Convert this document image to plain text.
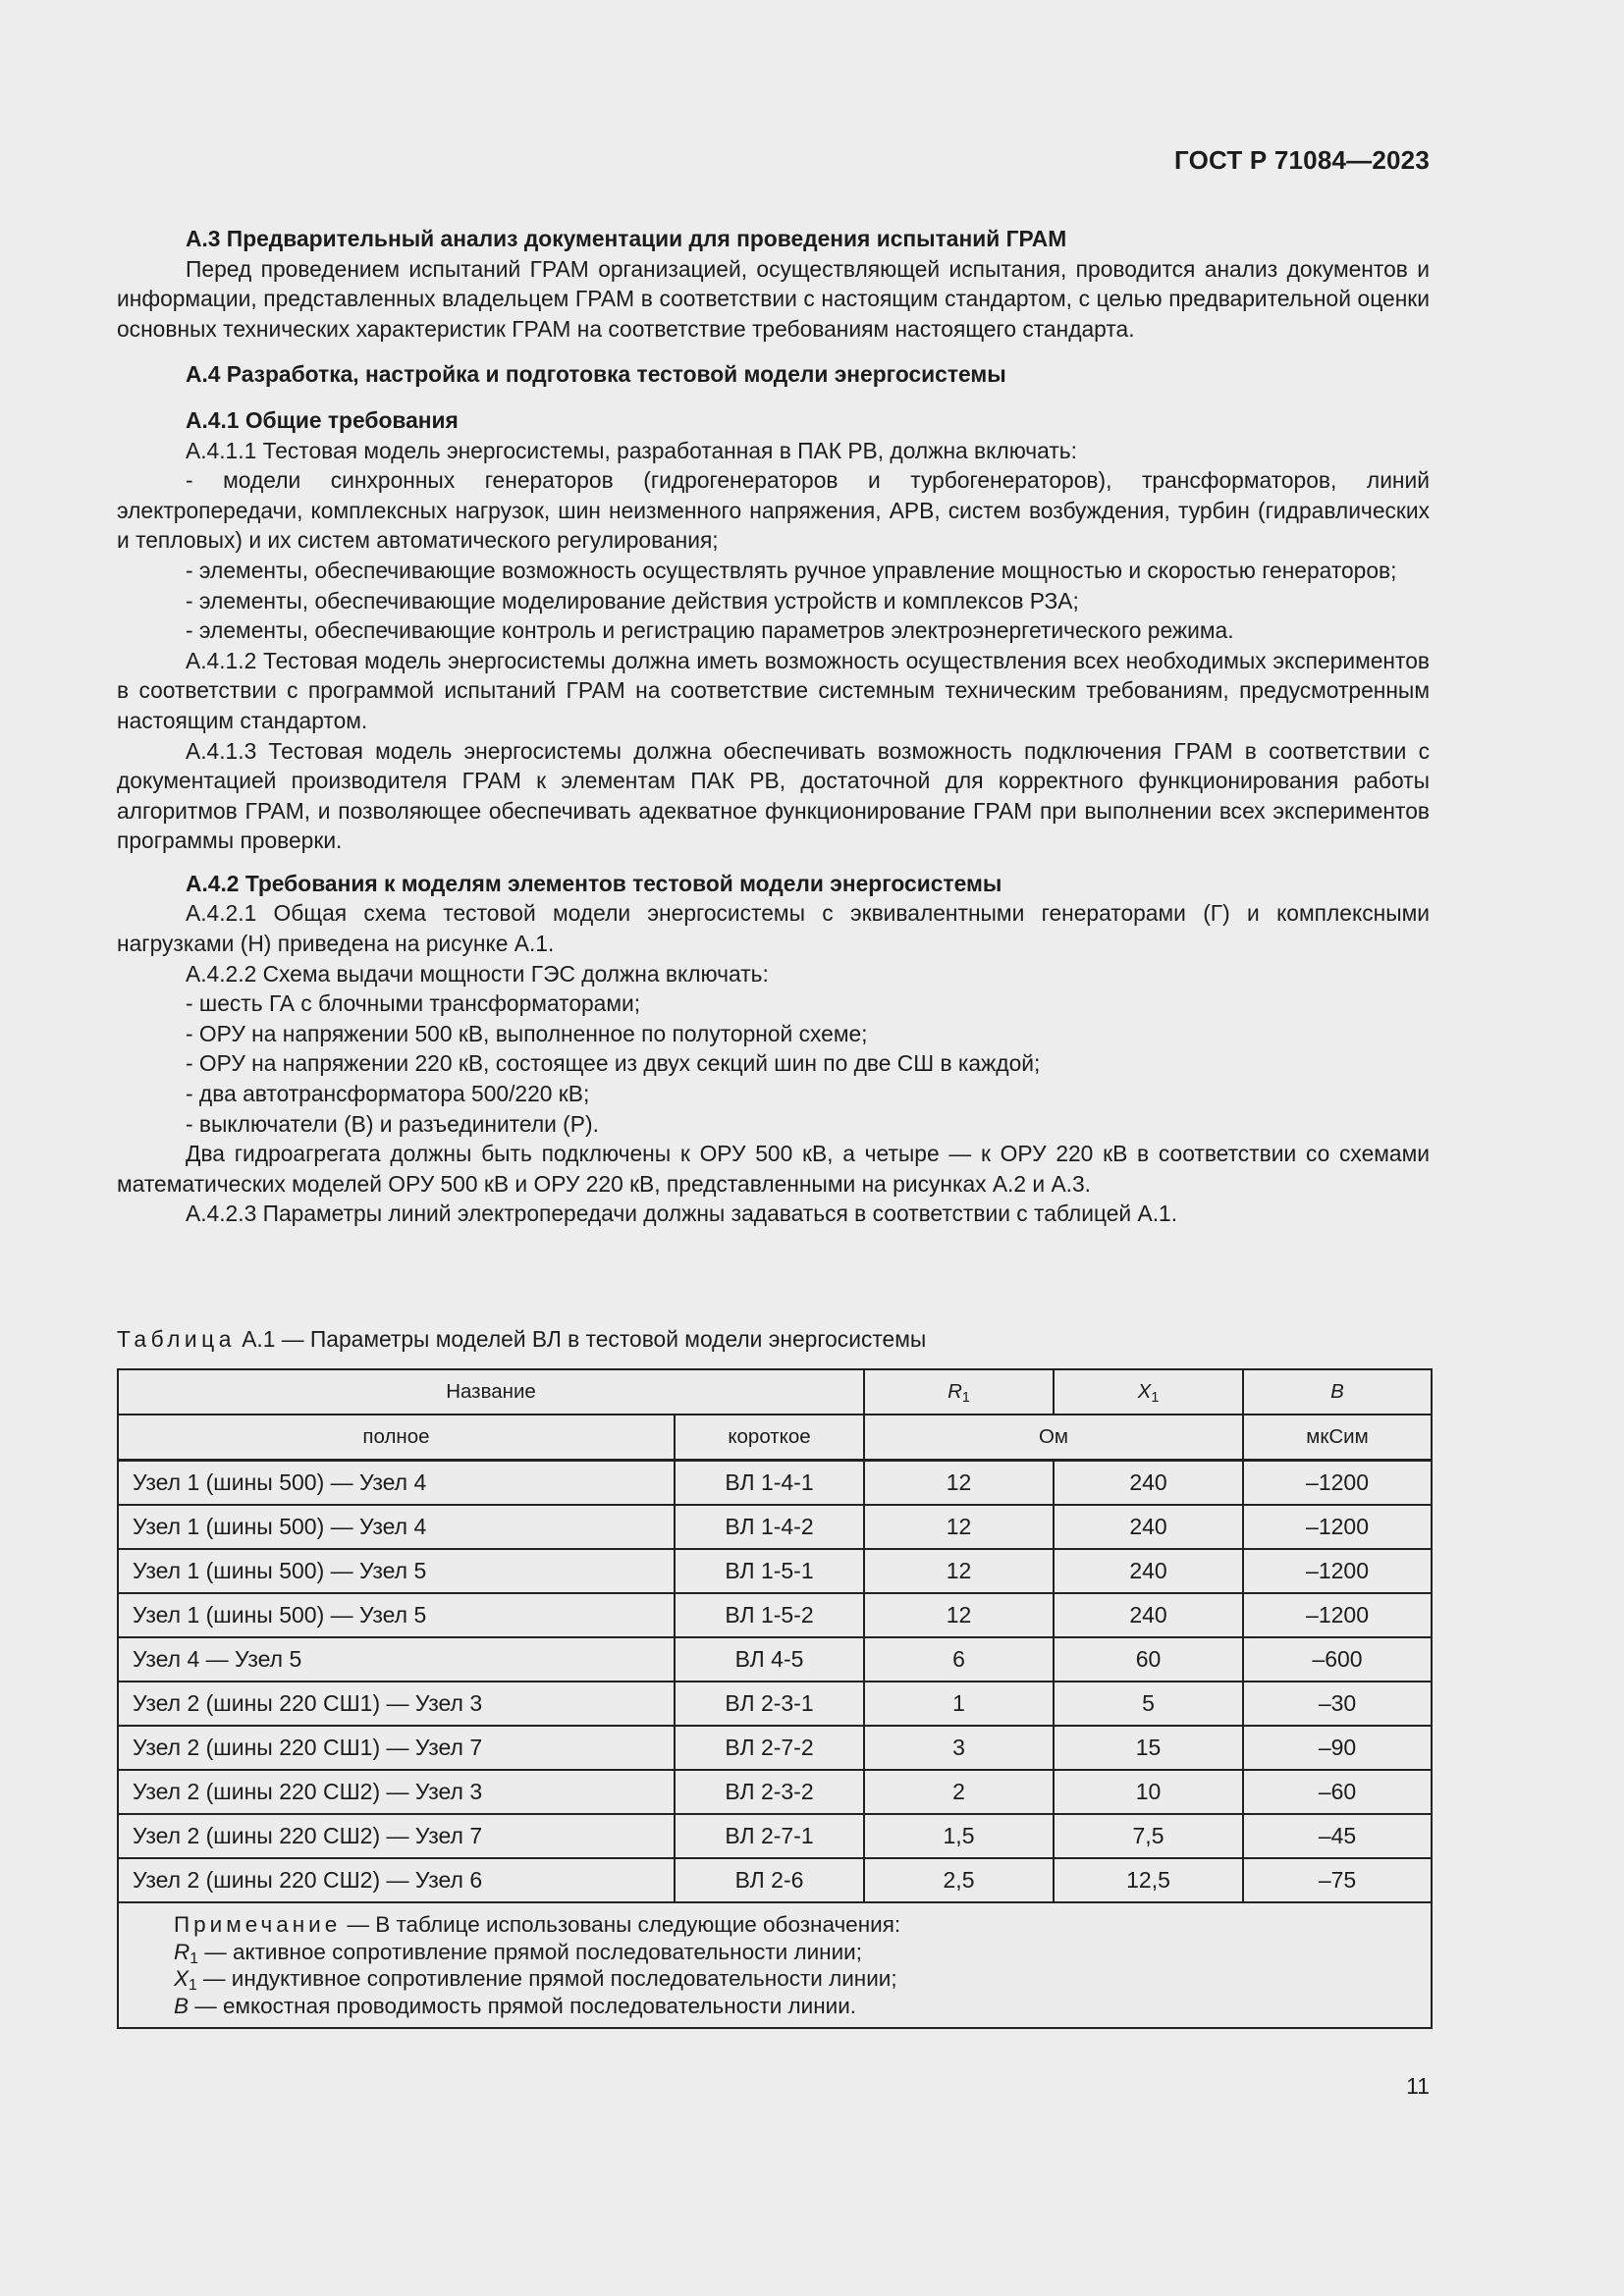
ГОСТ Р 71084—2023

А.3 Предварительный анализ документации для проведения испытаний ГРАМ

Перед проведением испытаний ГРАМ организацией, осуществляющей испытания, проводится анализ документов и информации, представленных владельцем ГРАМ в соответствии с настоящим стандартом, с целью предварительной оценки основных технических характеристик ГРАМ на соответствие требованиям настоящего стандарта.

А.4 Разработка, настройка и подготовка тестовой модели энергосистемы

А.4.1 Общие требования

А.4.1.1 Тестовая модель энергосистемы, разработанная в ПАК РВ, должна включать:

- модели синхронных генераторов (гидрогенераторов и турбогенераторов), трансформаторов, линий электропередачи, комплексных нагрузок, шин неизменного напряжения, АРВ, систем возбуждения, турбин (гидравлических и тепловых) и их систем автоматического регулирования;

- элементы, обеспечивающие возможность осуществлять ручное управление мощностью и скоростью генераторов;

- элементы, обеспечивающие моделирование действия устройств и комплексов РЗА;

- элементы, обеспечивающие контроль и регистрацию параметров электроэнергетического режима.

А.4.1.2 Тестовая модель энергосистемы должна иметь возможность осуществления всех необходимых экспериментов в соответствии с программой испытаний ГРАМ на соответствие системным техническим требованиям, предусмотренным настоящим стандартом.

А.4.1.3 Тестовая модель энергосистемы должна обеспечивать возможность подключения ГРАМ в соответствии с документацией производителя ГРАМ к элементам ПАК РВ, достаточной для корректного функционирования работы алгоритмов ГРАМ, и позволяющее обеспечивать адекватное функционирование ГРАМ при выполнении всех экспериментов программы проверки.

А.4.2 Требования к моделям элементов тестовой модели энергосистемы

А.4.2.1 Общая схема тестовой модели энергосистемы с эквивалентными генераторами (Г) и комплексными нагрузками (Н) приведена на рисунке А.1.

А.4.2.2 Схема выдачи мощности ГЭС должна включать:

- шесть ГА с блочными трансформаторами;

- ОРУ на напряжении 500 кВ, выполненное по полуторной схеме;

- ОРУ на напряжении 220 кВ, состоящее из двух секций шин по две СШ в каждой;

- два автотрансформатора 500/220 кВ;

- выключатели (В) и разъединители (Р).

Два гидроагрегата должны быть подключены к ОРУ 500 кВ, а четыре — к ОРУ 220 кВ в соответствии со схемами математических моделей ОРУ 500 кВ и ОРУ 220 кВ, представленными на рисунках А.2 и А.3.

А.4.2.3 Параметры линий электропередачи должны задаваться в соответствии с таблицей А.1.

Таблица А.1 — Параметры моделей ВЛ в тестовой модели энергосистемы
Название		$R_1$	$X_1$	B
полное	короткое	Ом		мкСим
Узел 1 (шины 500) — Узел 4	ВЛ 1-4-1	12	240	–1200
Узел 1 (шины 500) — Узел 4	ВЛ 1-4-2	12	240	–1200
Узел 1 (шины 500) — Узел 5	ВЛ 1-5-1	12	240	–1200
Узел 1 (шины 500) — Узел 5	ВЛ 1-5-2	12	240	–1200
Узел 4 — Узел 5	ВЛ 4-5	6	60	–600
Узел 2 (шины 220 СШ1) — Узел 3	ВЛ 2-3-1	1	5	–30
Узел 2 (шины 220 СШ1) — Узел 7	ВЛ 2-7-2	3	15	–90
Узел 2 (шины 220 СШ2) — Узел 3	ВЛ 2-3-2	2	10	–60
Узел 2 (шины 220 СШ2) — Узел 7	ВЛ 2-7-1	1,5	7,5	–45
Узел 2 (шины 220 СШ2) — Узел 6	ВЛ 2-6	2,5	12,5	–75

Примечание — В таблице использованы следующие обозначения:
$R_1$ — активное сопротивление прямой последовательности линии;
$X_1$ — индуктивное сопротивление прямой последовательности линии;
B — емкостная проводимость прямой последовательности линии.				
11
